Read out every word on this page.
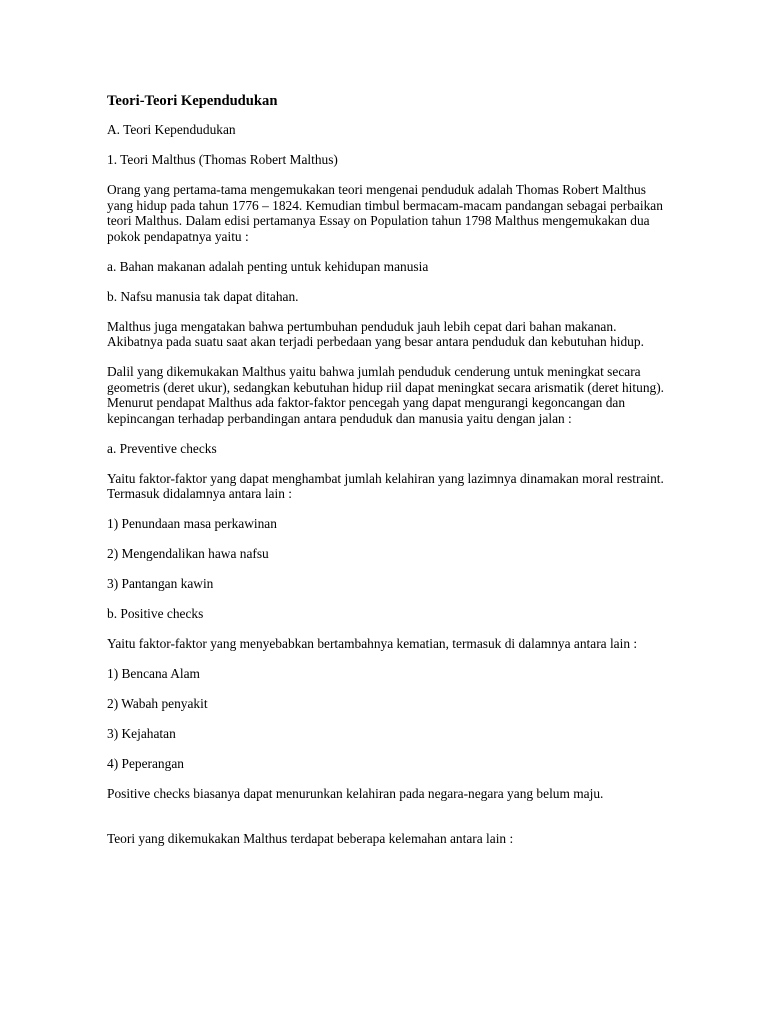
Teori-Teori Kependudukan
A. Teori Kependudukan
1. Teori Malthus (Thomas Robert Malthus)
Orang yang pertama-tama mengemukakan teori mengenai penduduk adalah Thomas Robert Malthus yang hidup pada tahun 1776 – 1824. Kemudian timbul bermacam-macam pandangan sebagai perbaikan teori Malthus. Dalam edisi pertamanya Essay on Population tahun 1798 Malthus mengemukakan dua pokok pendapatnya yaitu :
a. Bahan makanan adalah penting untuk kehidupan manusia
b. Nafsu manusia tak dapat ditahan.
Malthus juga mengatakan bahwa pertumbuhan penduduk jauh lebih cepat dari bahan makanan. Akibatnya pada suatu saat akan terjadi perbedaan yang besar antara penduduk dan kebutuhan hidup.
Dalil yang dikemukakan Malthus yaitu bahwa jumlah penduduk cenderung untuk meningkat secara geometris (deret ukur), sedangkan kebutuhan hidup riil dapat meningkat secara arismatik (deret hitung). Menurut pendapat Malthus ada faktor-faktor pencegah yang dapat mengurangi kegoncangan dan kepincangan terhadap perbandingan antara penduduk dan manusia yaitu dengan jalan :
a. Preventive checks
Yaitu faktor-faktor yang dapat menghambat jumlah kelahiran yang lazimnya dinamakan moral restraint. Termasuk didalamnya antara lain :
1) Penundaan masa perkawinan
2) Mengendalikan hawa nafsu
3) Pantangan kawin
b. Positive checks
Yaitu faktor-faktor yang menyebabkan bertambahnya kematian, termasuk di dalamnya antara lain :
1) Bencana Alam
2) Wabah penyakit
3) Kejahatan
4) Peperangan
Positive checks biasanya dapat menurunkan kelahiran pada negara-negara yang belum maju.
Teori yang dikemukakan Malthus terdapat beberapa kelemahan antara lain :
